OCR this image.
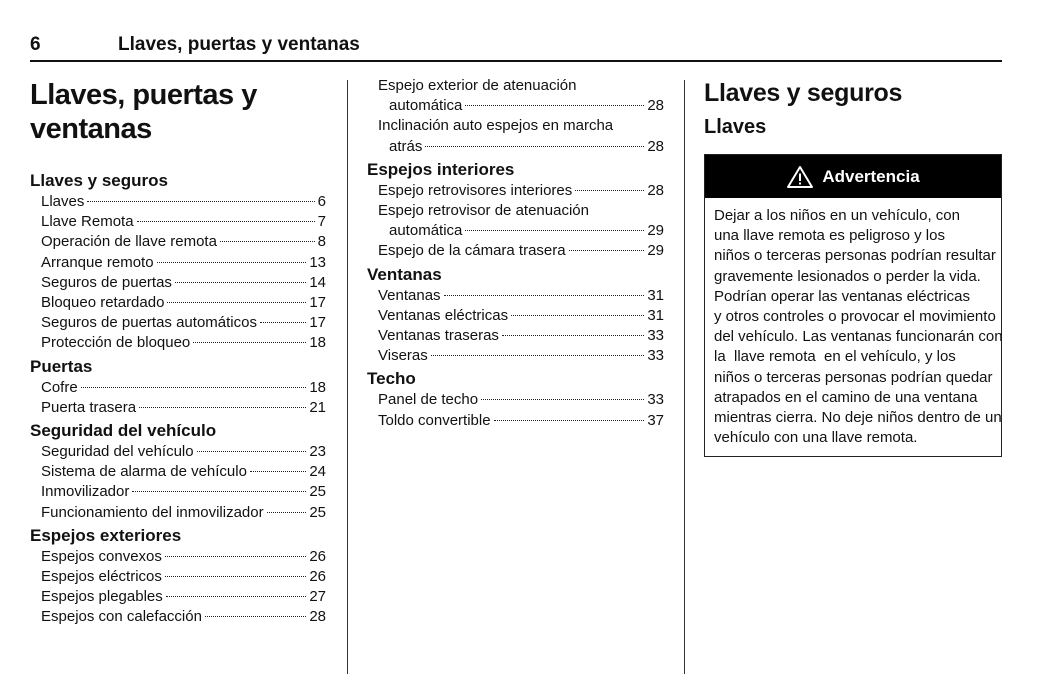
6	Llaves, puertas y ventanas
Llaves, puertas y ventanas
Llaves y seguros
Llaves	6
Llave Remota	7
Operación de llave remota	8
Arranque remoto	13
Seguros de puertas	14
Bloqueo retardado	17
Seguros de puertas automáticos	17
Protección de bloqueo	18
Puertas
Cofre	18
Puerta trasera	21
Seguridad del vehículo
Seguridad del vehículo	23
Sistema de alarma de vehículo	24
Inmovilizador	25
Funcionamiento del inmovilizador	25
Espejos exteriores
Espejos convexos	26
Espejos eléctricos	26
Espejos plegables	27
Espejos con calefacción	28
Espejo exterior de atenuación
automática	28
Inclinación auto espejos en marcha
atrás	28
Espejos interiores
Espejo retrovisores interiores	28
Espejo retrovisor de atenuación
automática	29
Espejo de la cámara trasera	29
Ventanas
Ventanas	31
Ventanas eléctricas	31
Ventanas traseras	33
Viseras	33
Techo
Panel de techo	33
Toldo convertible	37
Llaves y seguros
Llaves
Advertencia
Dejar a los niños en un vehículo, con
una llave remota es peligroso y los
niños o terceras personas podrían resultar
gravemente lesionados o perder la vida.
Podrían operar las ventanas eléctricas
y otros controles o provocar el movimiento
del vehículo. Las ventanas funcionarán con
la  llave remota  en el vehículo, y los
niños o terceras personas podrían quedar
atrapados en el camino de una ventana
mientras cierra. No deje niños dentro de un
vehículo con una llave remota.
